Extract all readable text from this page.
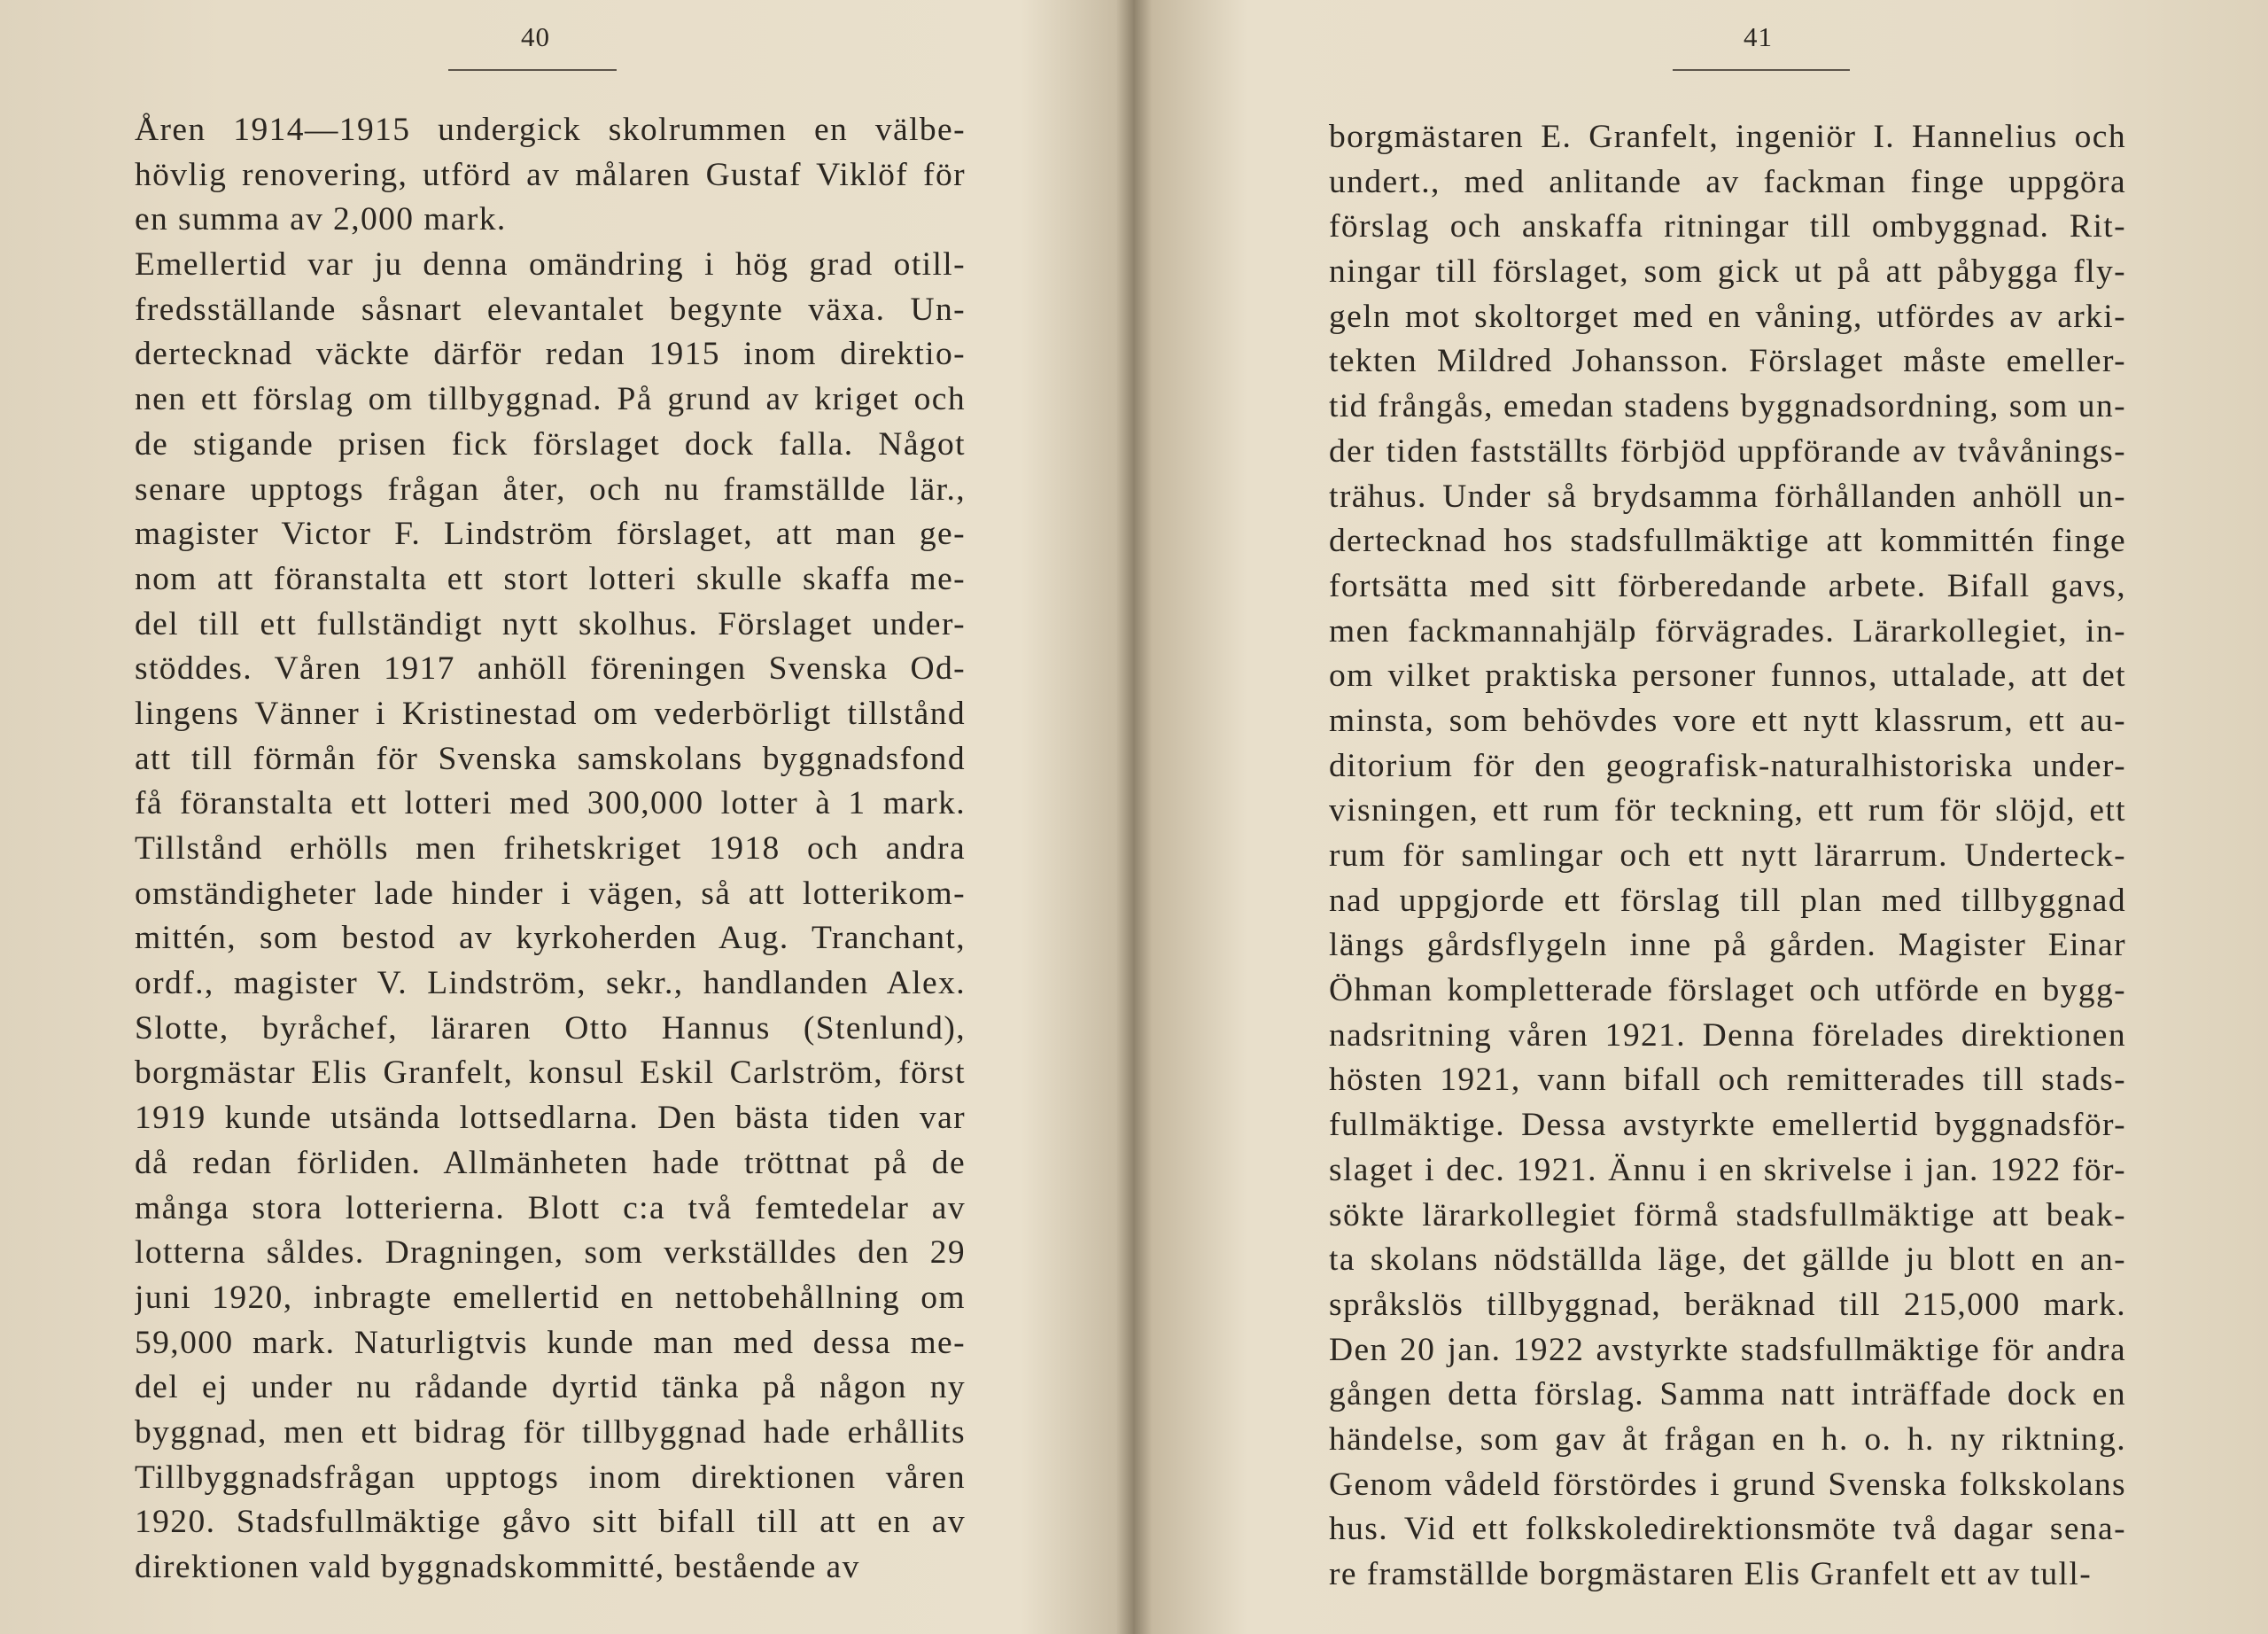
40
Åren 1914—1915 undergick skolrummen en välbe-
hövlig renovering, utförd av målaren Gustaf Viklöf för
en summa av 2,000 mark.
Emellertid var ju denna omändring i hög grad otill-
fredsställande såsnart elevantalet begynte växa. Un-
dertecknad väckte därför redan 1915 inom direktio-
nen ett förslag om tillbyggnad. På grund av kriget och
de stigande prisen fick förslaget dock falla. Något
senare upptogs frågan åter, och nu framställde lär.,
magister Victor F. Lindström förslaget, att man ge-
nom att föranstalta ett stort lotteri skulle skaffa me-
del till ett fullständigt nytt skolhus. Förslaget under-
stöddes. Våren 1917 anhöll föreningen Svenska Od-
lingens Vänner i Kristinestad om vederbörligt tillstånd
att till förmån för Svenska samskolans byggnadsfond
få föranstalta ett lotteri med 300,000 lotter à 1 mark.
Tillstånd erhölls men frihetskriget 1918 och andra
omständigheter lade hinder i vägen, så att lotterikom-
mittén, som bestod av kyrkoherden Aug. Tranchant,
ordf., magister V. Lindström, sekr., handlanden Alex.
Slotte, byråchef, läraren Otto Hannus (Stenlund),
borgmästar Elis Granfelt, konsul Eskil Carlström, först
1919 kunde utsända lottsedlarna. Den bästa tiden var
då redan förliden. Allmänheten hade tröttnat på de
många stora lotterierna. Blott c:a två femtedelar av
lotterna såldes. Dragningen, som verkställdes den 29
juni 1920, inbragte emellertid en nettobehållning om
59,000 mark. Naturligtvis kunde man med dessa me-
del ej under nu rådande dyrtid tänka på någon ny
byggnad, men ett bidrag för tillbyggnad hade erhållits
Tillbyggnadsfrågan upptogs inom direktionen våren
1920. Stadsfullmäktige gåvo sitt bifall till att en av
direktionen vald byggnadskommitté, bestående av
41
borgmästaren E. Granfelt, ingeniör I. Hannelius och
undert., med anlitande av fackman finge uppgöra
förslag och anskaffa ritningar till ombyggnad. Rit-
ningar till förslaget, som gick ut på att påbygga fly-
geln mot skoltorget med en våning, utfördes av arki-
tekten Mildred Johansson. Förslaget måste emeller-
tid frångås, emedan stadens byggnadsordning, som un-
der tiden fastställts förbjöd uppförande av tvåvånings-
trähus. Under så brydsamma förhållanden anhöll un-
dertecknad hos stadsfullmäktige att kommittén finge
fortsätta med sitt förberedande arbete. Bifall gavs,
men fackmannahjälp förvägrades. Lärarkollegiet, in-
om vilket praktiska personer funnos, uttalade, att det
minsta, som behövdes vore ett nytt klassrum, ett au-
ditorium för den geografisk-naturalhistoriska under-
visningen, ett rum för teckning, ett rum för slöjd, ett
rum för samlingar och ett nytt lärarrum. Underteck-
nad uppgjorde ett förslag till plan med tillbyggnad
längs gårdsflygeln inne på gården. Magister Einar
Öhman kompletterade förslaget och utförde en bygg-
nadsritning våren 1921. Denna förelades direktionen
hösten 1921, vann bifall och remitterades till stads-
fullmäktige. Dessa avstyrkte emellertid byggnadsför-
slaget i dec. 1921. Ännu i en skrivelse i jan. 1922 för-
sökte lärarkollegiet förmå stadsfullmäktige att beak-
ta skolans nödställda läge, det gällde ju blott en an-
språkslös tillbyggnad, beräknad till 215,000 mark.
Den 20 jan. 1922 avstyrkte stadsfullmäktige för andra
gången detta förslag. Samma natt inträffade dock en
händelse, som gav åt frågan en h. o. h. ny riktning.
Genom vådeld förstördes i grund Svenska folkskolans
hus. Vid ett folkskoledirektionsmöte två dagar sena-
re framställde borgmästaren Elis Granfelt ett av tull-
